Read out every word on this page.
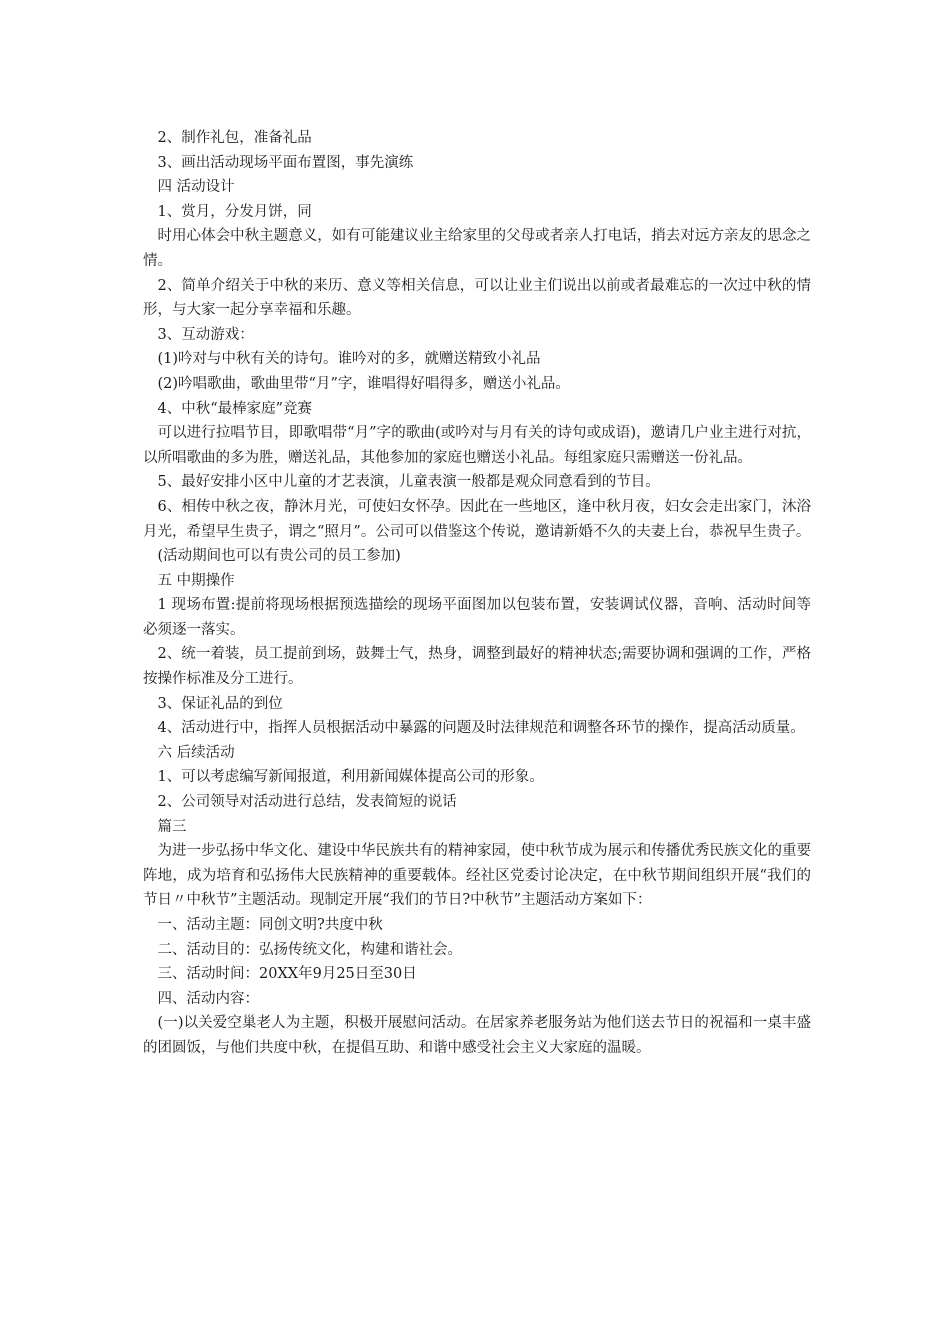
2、制作礼包，准备礼品

3、画出活动现场平面布置图，事先演练

四 活动设计

1、赏月，分发月饼，同

时用心体会中秋主题意义，如有可能建议业主给家里的父母或者亲人打电话，捎去对远方亲友的思念之情。

2、简单介绍关于中秋的来历、意义等相关信息，可以让业主们说出以前或者最难忘的一次过中秋的情形，与大家一起分享幸福和乐趣。

3、互动游戏：

(1)吟对与中秋有关的诗句。谁吟对的多，就赠送精致小礼品

(2)吟唱歌曲，歌曲里带“月”字，谁唱得好唱得多，赠送小礼品。

4、中秋“最棒家庭”竞赛

可以进行拉唱节目，即歌唱带“月”字的歌曲(或吟对与月有关的诗句或成语)，邀请几户业主进行对抗，以所唱歌曲的多为胜，赠送礼品，其他参加的家庭也赠送小礼品。每组家庭只需赠送一份礼品。

5、最好安排小区中儿童的才艺表演，儿童表演一般都是观众同意看到的节目。

6、相传中秋之夜，静沐月光，可使妇女怀孕。因此在一些地区，逢中秋月夜，妇女会走出家门，沐浴月光，希望早生贵子，谓之“照月”。公司可以借鉴这个传说，邀请新婚不久的夫妻上台，恭祝早生贵子。

(活动期间也可以有贵公司的员工参加)

五 中期操作

1 现场布置:提前将现场根据预选描绘的现场平面图加以包装布置，安装调试仪器，音响、活动时间等必须逐一落实。

2、统一着装，员工提前到场，鼓舞士气，热身，调整到最好的精神状态;需要协调和强调的工作，严格按操作标准及分工进行。

3、保证礼品的到位

4、活动进行中，指挥人员根据活动中暴露的问题及时法律规范和调整各环节的操作，提高活动质量。

六 后续活动

1、可以考虑编写新闻报道，利用新闻媒体提高公司的形象。

2、公司领导对活动进行总结，发表简短的说话

篇三

为进一步弘扬中华文化、建设中华民族共有的精神家园，使中秋节成为展示和传播优秀民族文化的重要阵地，成为培育和弘扬伟大民族精神的重要载体。经社区党委讨论决定，在中秋节期间组织开展“我们的节日〃中秋节”主题活动。现制定开展“我们的节日?中秋节”主题活动方案如下：

一、活动主题：同创文明?共度中秋

二、活动目的：弘扬传统文化，构建和谐社会。

三、活动时间：20XX年9月25日至30日

四、活动内容：

(一)以关爱空巢老人为主题，积极开展慰问活动。在居家养老服务站为他们送去节日的祝福和一桌丰盛的团圆饭，与他们共度中秋，在提倡互助、和谐中感受社会主义大家庭的温暖。
